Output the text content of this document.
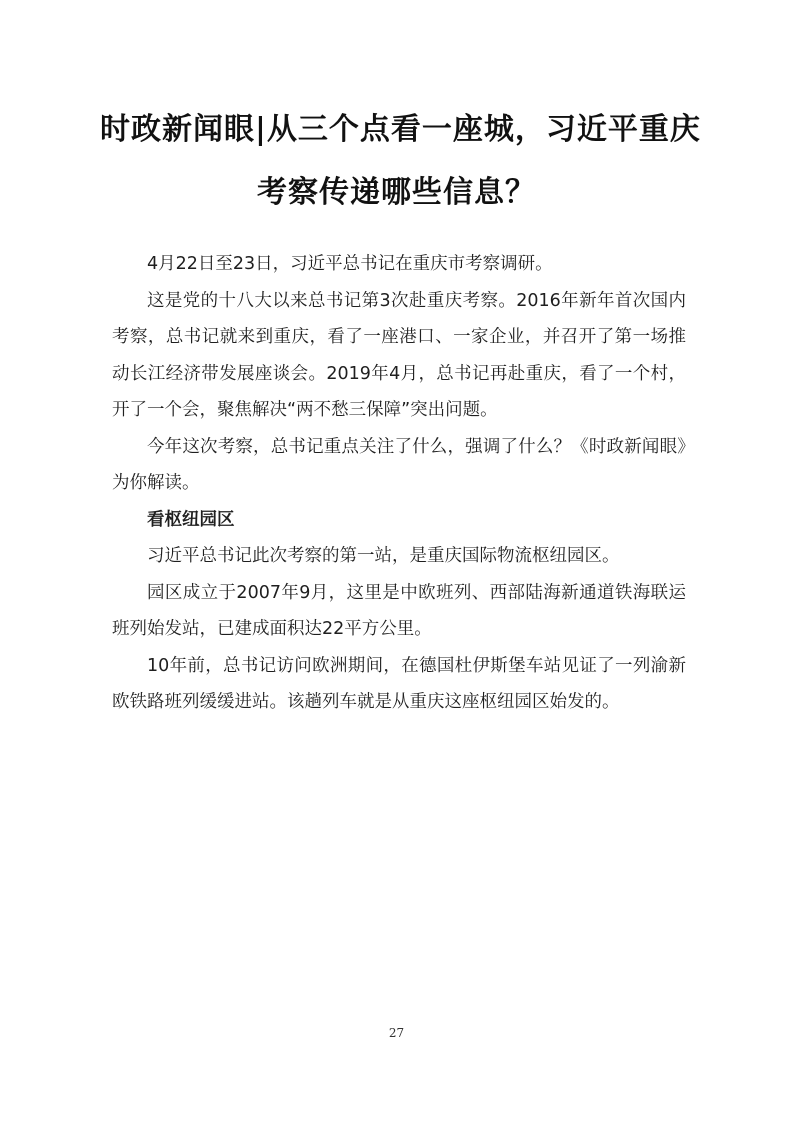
时政新闻眼|从三个点看一座城，习近平重庆
考察传递哪些信息？

4月22日至23日，习近平总书记在重庆市考察调研。

这是党的十八大以来总书记第3次赴重庆考察。2016年新年首次国内考察，总书记就来到重庆，看了一座港口、一家企业，并召开了第一场推动长江经济带发展座谈会。2019年4月，总书记再赴重庆，看了一个村，开了一个会，聚焦解决“两不愁三保障”突出问题。

今年这次考察，总书记重点关注了什么，强调了什么？《时政新闻眼》为你解读。

看枢纽园区

习近平总书记此次考察的第一站，是重庆国际物流枢纽园区。

园区成立于2007年9月，这里是中欧班列、西部陆海新通道铁海联运班列始发站，已建成面积达22平方公里。

10年前，总书记访问欧洲期间，在德国杜伊斯堡车站见证了一列渝新欧铁路班列缓缓进站。该趟列车就是从重庆这座枢纽园区始发的。

27
